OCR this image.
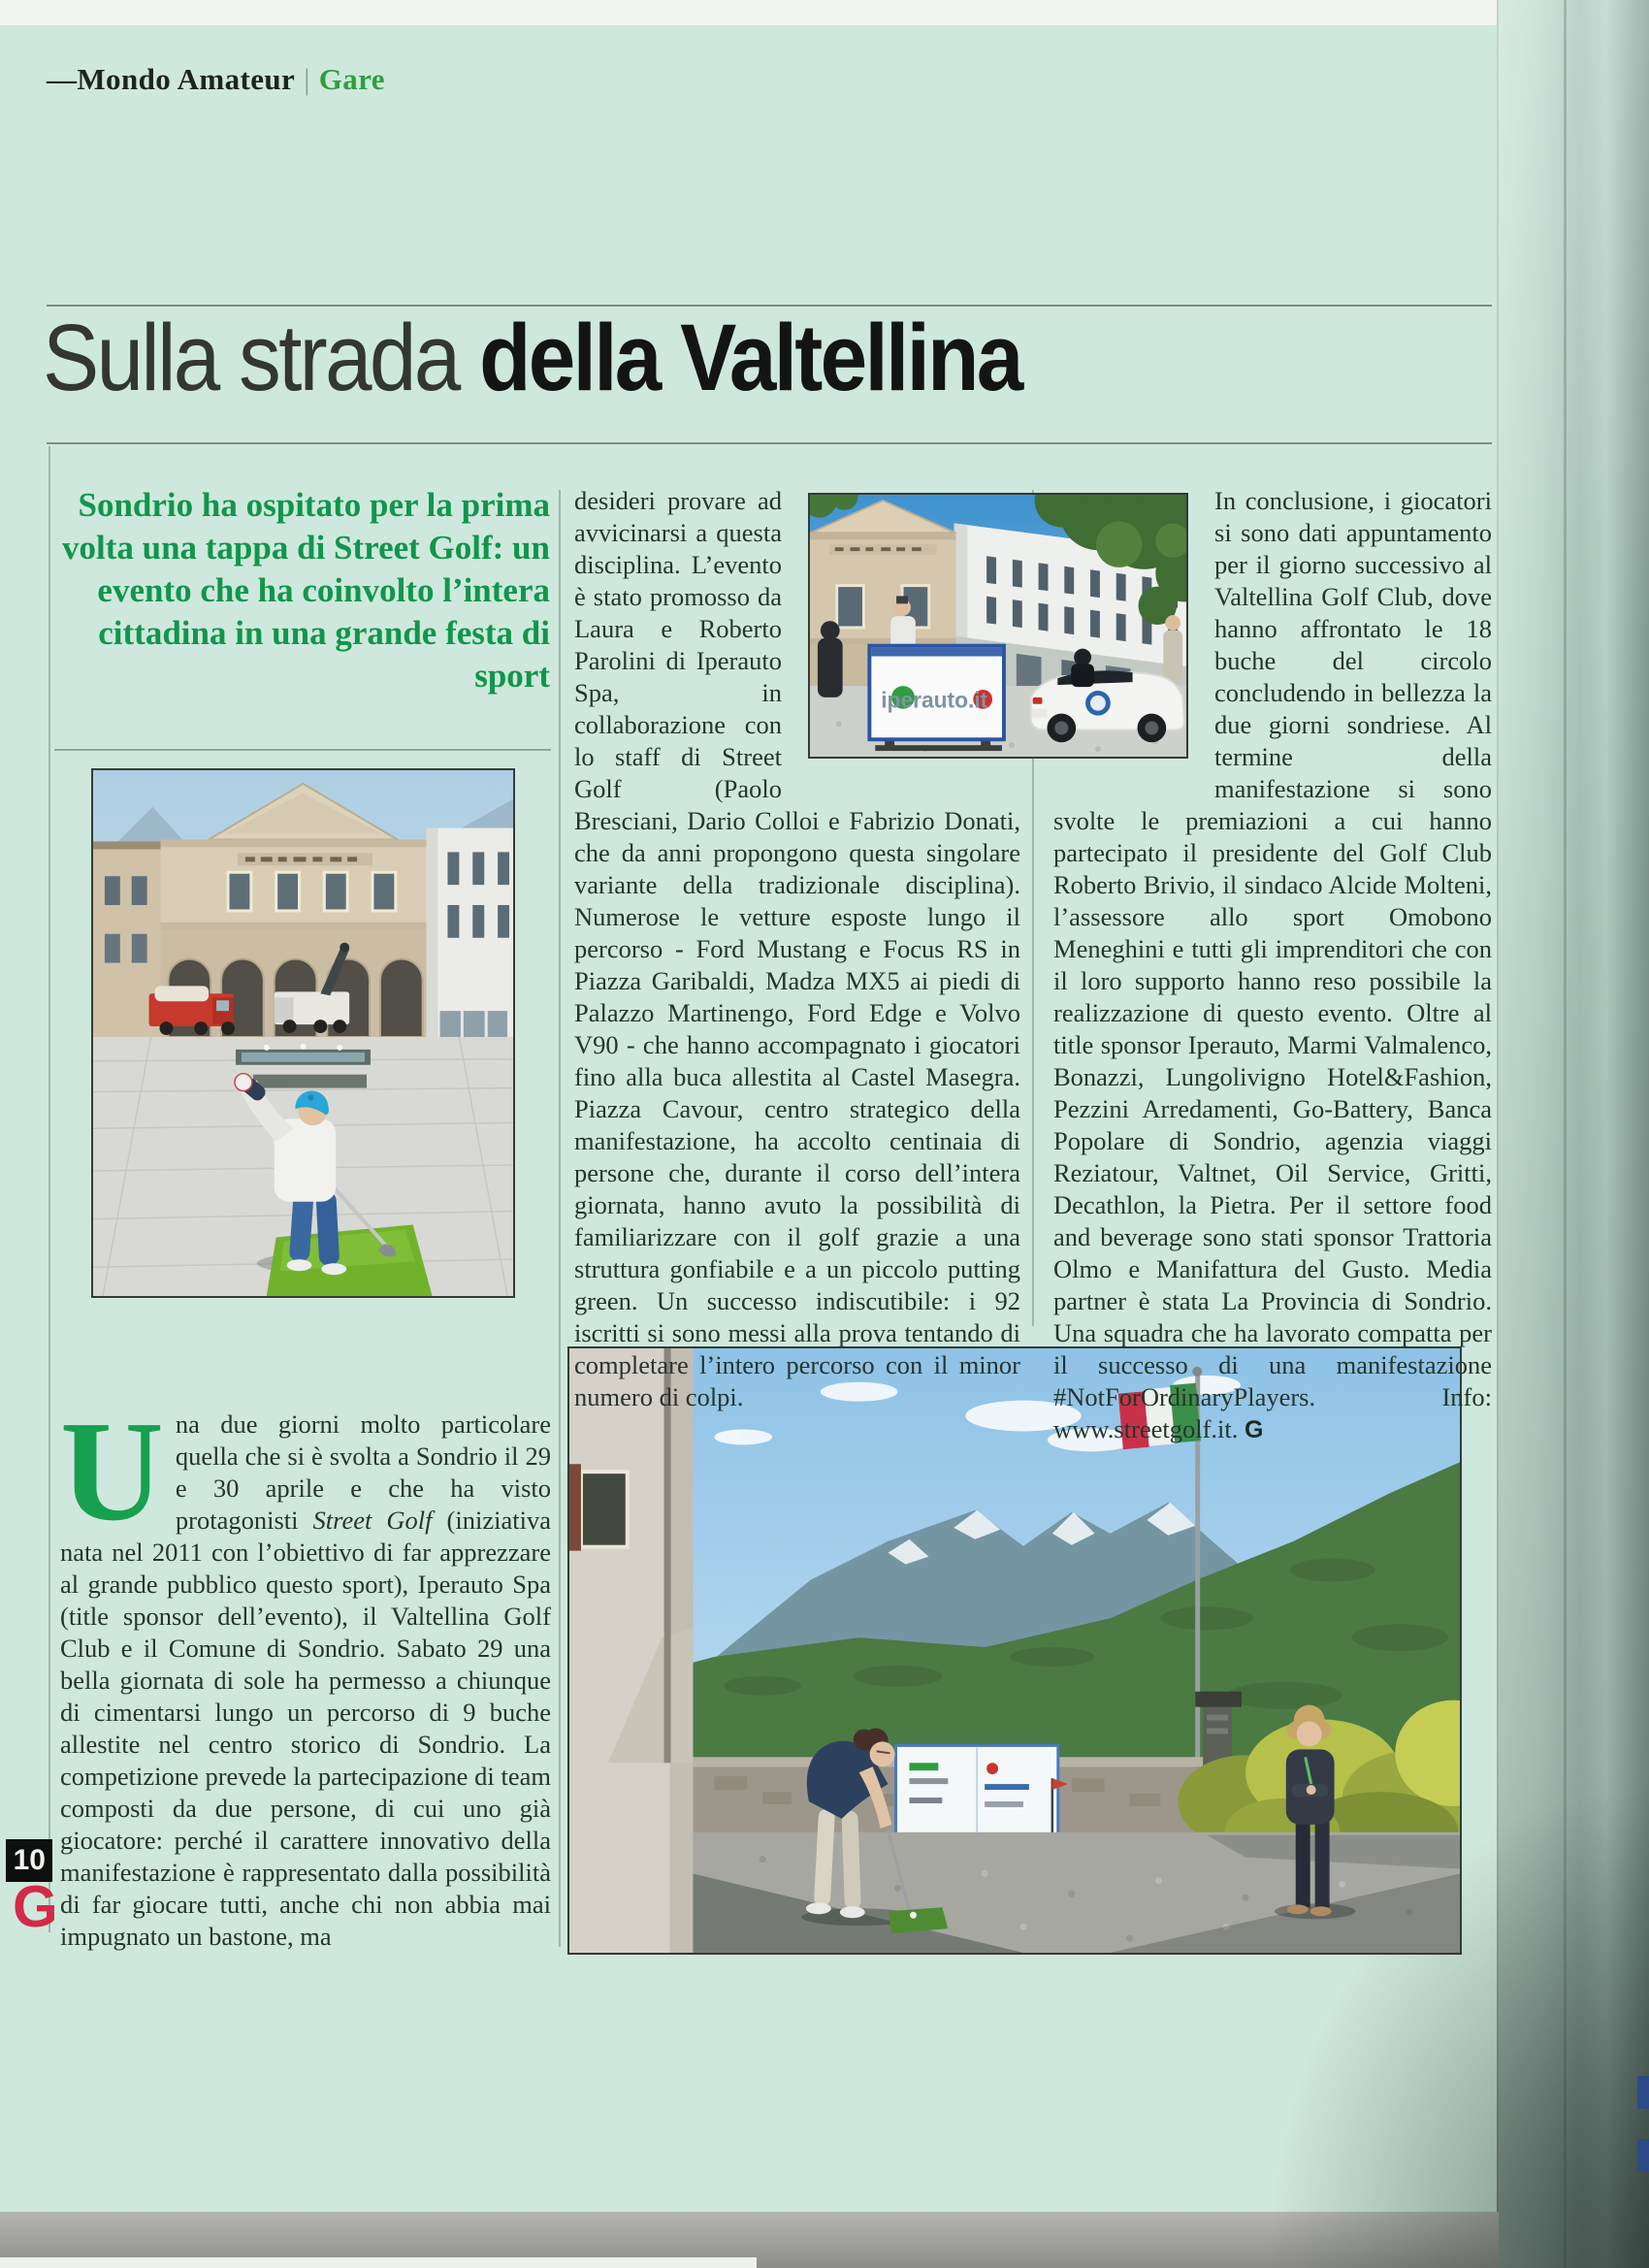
—Mondo Amateur | Gare
Sulla strada della Valtellina
Sondrio ha ospitato per la prima volta una tappa di Street Golf: un evento che ha coinvolto l’intera cittadina in una grande festa di sport
iperauto.it

desideri provare ad avvicinarsi a questa disciplina. L’evento è stato promosso da Laura e Roberto Parolini di Iperauto Spa, in collaborazione con lo staff di Street Golf (Paolo Bresciani, Dario Colloi e Fabrizio Donati, che da anni propongono questa singolare variante della tradizionale disciplina). Numerose le vetture esposte lungo il percorso - Ford Mustang e Focus RS in Piazza Garibaldi, Madza MX5 ai piedi di Palazzo Martinengo, Ford Edge e Volvo V90 - che hanno accompagnato i giocatori fino alla buca allestita al Castel Masegra. Piazza Cavour, centro strategico della manifestazione, ha accolto centinaia di persone che, durante il corso dell’intera giornata, hanno avuto la possibilità di familiarizzare con il golf grazie a una struttura gonfiabile e a un piccolo putting green. Un successo indiscutibile: i 92 iscritti si sono messi alla prova tentando di completare l’intero percorso con il minor numero di colpi.

In conclusione, i giocatori si sono dati appuntamento per il giorno successivo al Valtellina Golf Club, dove hanno affrontato le 18 buche del circolo concludendo in bellezza la due giorni sondriese. Al termine della manifestazione si sono svolte le premiazioni a cui hanno partecipato il presidente del Golf Club Roberto Brivio, il sindaco Alcide Molteni, l’assessore allo sport Omobono Meneghini e tutti gli imprenditori che con il loro supporto hanno reso possibile la realizzazione di questo evento. Oltre al title sponsor Iperauto, Marmi Valmalenco, Bonazzi, Lungolivigno Hotel&Fashion, Pezzini Arredamenti, Go-Battery, Banca Popolare di Sondrio, agenzia viaggi Reziatour, Valtnet, Oil Service, Gritti, Decathlon, la Pietra. Per il settore food and beverage sono stati sponsor Trattoria Olmo e Manifattura del Gusto. Media partner è stata La Provincia di Sondrio. Una squadra che ha lavorato compatta per il successo di una manifestazione #NotForOrdinaryPlayers. Info: www.streetgolf.it. G

Una due giorni molto particolare quella che si è svolta a Sondrio il 29 e 30 aprile e che ha visto protagonisti Street Golf (iniziativa nata nel 2011 con l’obiettivo di far apprezzare al grande pubblico questo sport), Iperauto Spa (title sponsor dell’evento), il Valtellina Golf Club e il Comune di Sondrio. Sabato 29 una bella giornata di sole ha permesso a chiunque di cimentarsi lungo un percorso di 9 buche allestite nel centro storico di Sondrio. La competizione prevede la partecipazione di team composti da due persone, di cui uno già giocatore: perché il carattere innovativo della manifestazione è rappresentato dalla possibilità di far giocare tutti, anche chi non abbia mai impugnato un bastone, ma

10
G
